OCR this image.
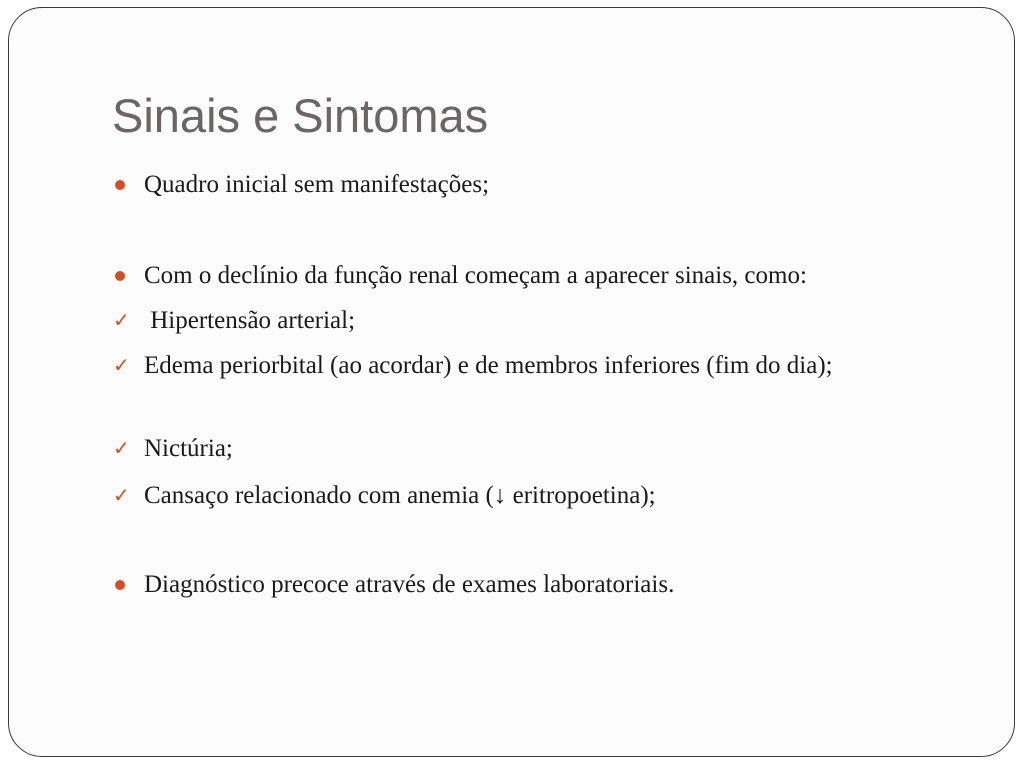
Sinais e Sintomas
Quadro inicial sem manifestações;
Com o declínio da função renal começam a aparecer sinais, como:
✓ Hipertensão arterial;
✓ Edema periorbital (ao acordar) e de membros inferiores (fim do dia);
✓ Nictúria;
✓ Cansaço relacionado com anemia (↓ eritropoetina);
Diagnóstico precoce através de exames laboratoriais.
